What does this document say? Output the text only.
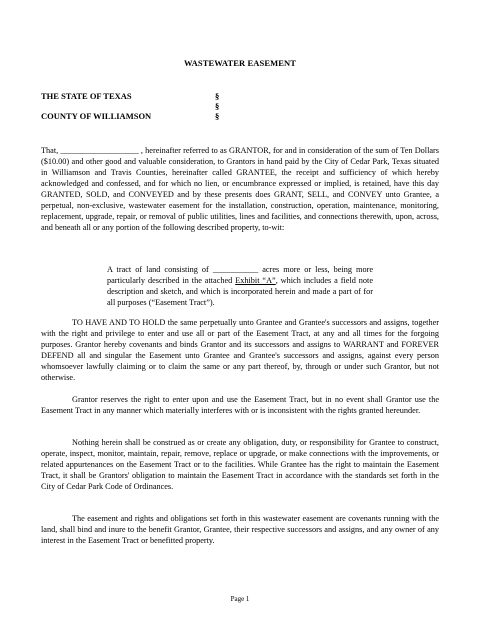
WASTEWATER EASEMENT
THE STATE OF TEXAS	§
§
COUNTY OF WILLIAMSON	§

That, ___________________ , hereinafter referred to as GRANTOR, for and in consideration of the sum of Ten Dollars ($10.00) and other good and valuable consideration, to Grantors in hand paid by the City of Cedar Park, Texas situated in Williamson and Travis Counties, hereinafter called GRANTEE, the receipt and sufficiency of which hereby acknowledged and confessed, and for which no lien, or encumbrance expressed or implied, is retained, have this day GRANTED, SOLD, and CONVEYED and by these presents does GRANT, SELL, and CONVEY unto Grantee, a perpetual, non-exclusive, wastewater easement for the installation, construction, operation, maintenance, monitoring, replacement, upgrade, repair, or removal of public utilities, lines and facilities, and connections therewith, upon, across, and beneath all or any portion of the following described property, to-wit:

A tract of land consisting of ___________ acres more or less, being more particularly described in the attached Exhibit “A”, which includes a field note description and sketch, and which is incorporated herein and made a part of for all purposes (“Easement Tract”).

TO HAVE AND TO HOLD the same perpetually unto Grantee and Grantee's successors and assigns, together with the right and privilege to enter and use all or part of the Easement Tract, at any and all times for the forgoing purposes. Grantor hereby covenants and binds Grantor and its successors and assigns to WARRANT and FOREVER DEFEND all and singular the Easement unto Grantee and Grantee's successors and assigns, against every person whomsoever lawfully claiming or to claim the same or any part thereof, by, through or under such Grantor, but not otherwise.

Grantor reserves the right to enter upon and use the Easement Tract, but in no event shall Grantor use the Easement Tract in any manner which materially interferes with or is inconsistent with the rights granted hereunder.

Nothing herein shall be construed as or create any obligation, duty, or responsibility for Grantee to construct, operate, inspect, monitor, maintain, repair, remove, replace or upgrade, or make connections with the improvements, or related appurtenances on the Easement Tract or to the facilities. While Grantee has the right to maintain the Easement Tract, it shall be Grantors' obligation to maintain the Easement Tract in accordance with the standards set forth in the City of Cedar Park Code of Ordinances.

The easement and rights and obligations set forth in this wastewater easement are covenants running with the land, shall bind and inure to the benefit Grantor, Grantee, their respective successors and assigns, and any owner of any interest in the Easement Tract or benefitted property.

Page 1
